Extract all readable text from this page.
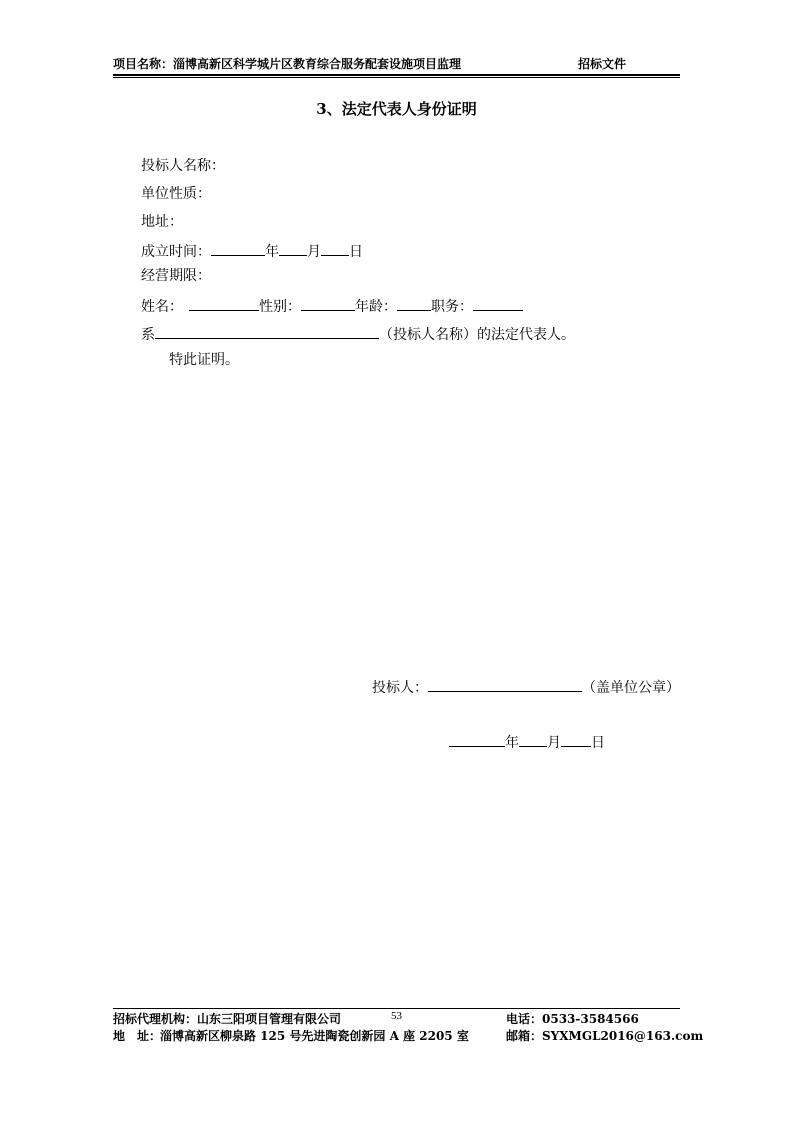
项目名称：淄博高新区科学城片区教育综合服务配套设施项目监理	招标文件
3、法定代表人身份证明
投标人名称：
单位性质：
地址：
成立时间：	年 月 日
经营期限：
姓名：	性别：	年龄： 职务：
系	（投标人名称）的法定代表人。
特此证明。
投标人：	（盖单位公章）
年 月 日
招标代理机构：山东三阳项目管理有限公司	53	电话：0533-3584566
地　址：
淄博高新区柳泉路 125 号先进陶瓷创新园 A 座 2205 室	邮箱：SYXMGL2016@163.com
